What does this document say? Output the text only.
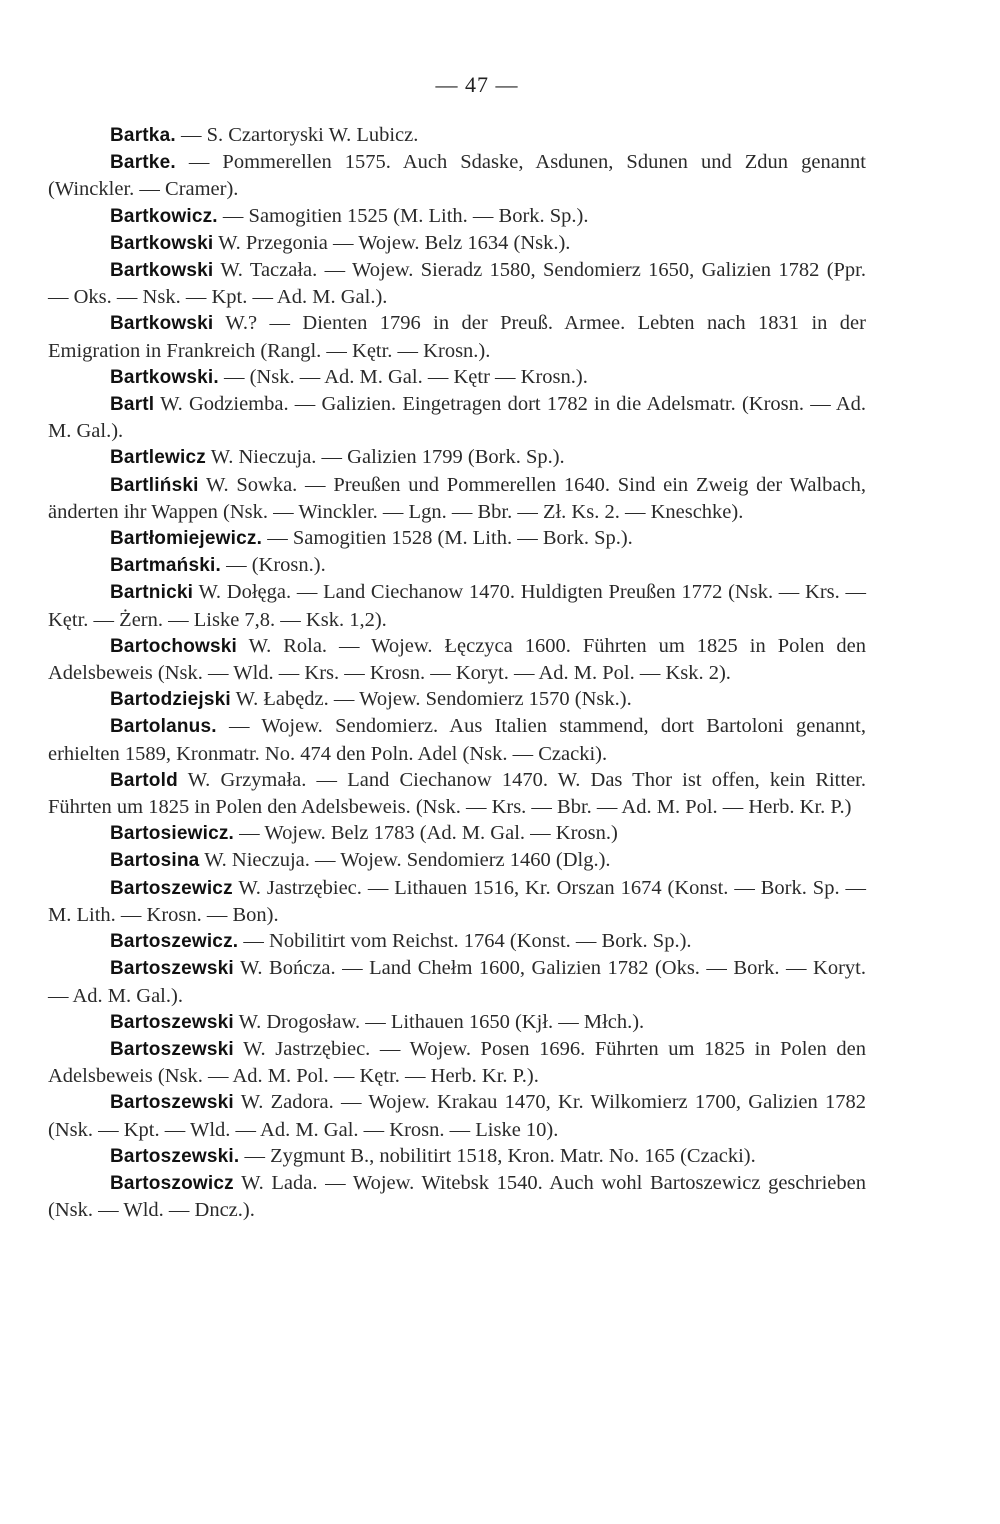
— 47 —

Bartka. — S. Czartoryski W. Lubicz.

Bartke. — Pommerellen 1575. Auch Sdaske, Asdunen, Sdunen und Zdun genannt (Winckler. — Cramer).

Bartkowicz. — Samogitien 1525 (M. Lith. — Bork. Sp.).

Bartkowski W. Przegonia — Wojew. Belz 1634 (Nsk.).

Bartkowski W. Taczała. — Wojew. Sieradz 1580, Sendomierz 1650, Galizien 1782 (Ppr. — Oks. — Nsk. — Kpt. — Ad. M. Gal.).

Bartkowski W.? — Dienten 1796 in der Preuß. Armee. Lebten nach 1831 in der Emigration in Frankreich (Rangl. — Kętr. — Krosn.).

Bartkowski. — (Nsk. — Ad. M. Gal. — Kętr — Krosn.).

Bartl W. Godziemba. — Galizien. Eingetragen dort 1782 in die Adelsmatr. (Krosn. — Ad. M. Gal.).

Bartlewicz W. Nieczuja. — Galizien 1799 (Bork. Sp.).

Bartliński W. Sowka. — Preußen und Pommerellen 1640. Sind ein Zweig der Walbach, änderten ihr Wappen (Nsk. — Winckler. — Lgn. — Bbr. — Zł. Ks. 2. — Kneschke).

Bartłomiejewicz. — Samogitien 1528 (M. Lith. — Bork. Sp.).

Bartmański. — (Krosn.).

Bartnicki W. Dołęga. — Land Ciechanow 1470. Huldigten Preußen 1772 (Nsk. — Krs. — Kętr. — Żern. — Liske 7,8. — Ksk. 1,2).

Bartochowski W. Rola. — Wojew. Łęczyca 1600. Führten um 1825 in Polen den Adelsbeweis (Nsk. — Wld. — Krs. — Krosn. — Koryt. — Ad. M. Pol. — Ksk. 2).

Bartodziejski W. Łabędz. — Wojew. Sendomierz 1570 (Nsk.).

Bartolanus. — Wojew. Sendomierz. Aus Italien stammend, dort Bartoloni genannt, erhielten 1589, Kronmatr. No. 474 den Poln. Adel (Nsk. — Czacki).

Bartold W. Grzymała. — Land Ciechanow 1470. W. Das Thor ist offen, kein Ritter. Führten um 1825 in Polen den Adelsbeweis. (Nsk. — Krs. — Bbr. — Ad. M. Pol. — Herb. Kr. P.)

Bartosiewicz. — Wojew. Belz 1783 (Ad. M. Gal. — Krosn.)

Bartosina W. Nieczuja. — Wojew. Sendomierz 1460 (Dlg.).

Bartoszewicz W. Jastrzębiec. — Lithauen 1516, Kr. Orszan 1674 (Konst. — Bork. Sp. — M. Lith. — Krosn. — Bon).

Bartoszewicz. — Nobilitirt vom Reichst. 1764 (Konst. — Bork. Sp.).

Bartoszewski W. Bończa. — Land Chełm 1600, Galizien 1782 (Oks. — Bork. — Koryt. — Ad. M. Gal.).

Bartoszewski W. Drogosław. — Lithauen 1650 (Kjł. — Młch.).

Bartoszewski W. Jastrzębiec. — Wojew. Posen 1696. Führten um 1825 in Polen den Adelsbeweis (Nsk. — Ad. M. Pol. — Kętr. — Herb. Kr. P.).

Bartoszewski W. Zadora. — Wojew. Krakau 1470, Kr. Wilkomierz 1700, Galizien 1782 (Nsk. — Kpt. — Wld. — Ad. M. Gal. — Krosn. — Liske 10).

Bartoszewski. — Zygmunt B., nobilitirt 1518, Kron. Matr. No. 165 (Czacki).

Bartoszowicz W. Lada. — Wojew. Witebsk 1540. Auch wohl Bartoszewicz geschrieben (Nsk. — Wld. — Dncz.).
